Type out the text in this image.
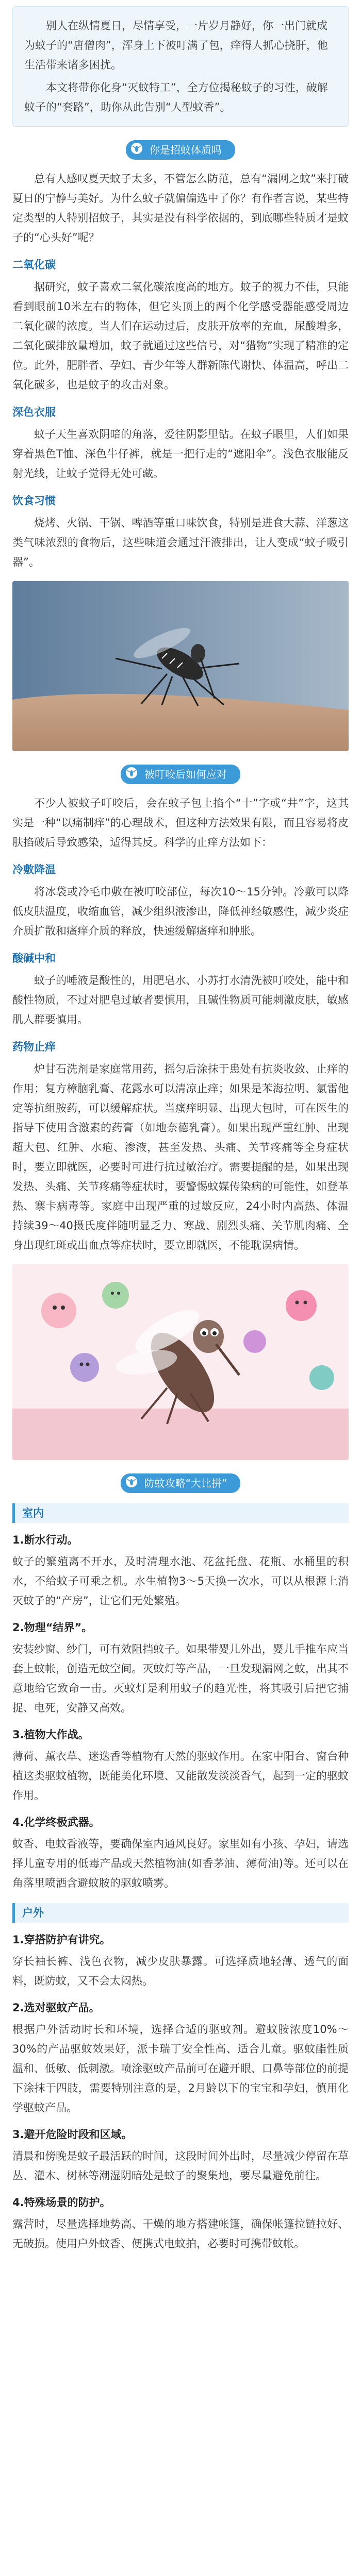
别人在纵情夏日，尽情享受，一片岁月静好，你一出门就成为蚊子的“唐僧肉”，浑身上下被叮满了包，痒得人抓心挠肝，他生活带来诸多困扰。

本文将带你化身“灭蚊特工”，全方位揭秘蚊子的习性，破解蚊子的“套路”，助你从此告别“人型蚊香”。

你是招蚊体质吗

总有人感叹夏天蚊子太多，不管怎么防范，总有“漏网之蚊”来打破夏日的宁静与美好。为什么蚊子就偏偏选中了你？有作者言说，某些特定类型的人特别招蚊子，其实是没有科学依据的，到底哪些特质才是蚊子的“心头好”呢？

二氧化碳

据研究，蚊子喜欢二氧化碳浓度高的地方。蚊子的视力不佳，只能看到眼前10米左右的物体，但它头顶上的两个化学感受器能感受周边二氧化碳的浓度。当人们在运动过后，皮肤开放率的充血，尿酸增多，二氧化碳排放量增加，蚊子就通过这些信号，对“猎物”实现了精准的定位。此外，肥胖者、孕妇、青少年等人群新陈代谢快、体温高，呼出二氧化碳多，也是蚊子的攻击对象。

深色衣服

蚊子天生喜欢阴暗的角落，爱往阴影里钻。在蚊子眼里，人们如果穿着黑色T恤、深色牛仔裤，就是一把行走的“遮阳伞”。浅色衣服能反射光线，让蚊子觉得无处可藏。

饮食习惯

烧烤、火锅、干锅、啤酒等重口味饮食，特别是进食大蒜、洋葱这类气味浓烈的食物后，这些味道会通过汗液排出，让人变成“蚊子吸引器”。

被叮咬后如何应对

不少人被蚊子叮咬后，会在蚊子包上掐个“十”字或“井”字，这其实是一种“以痛制痒”的心理战术，但这种方法效果有限，而且容易将皮肤掐破后导致感染，适得其反。科学的止痒方法如下：

冷敷降温

将冰袋或冷毛巾敷在被叮咬部位，每次10～15分钟。冷敷可以降低皮肤温度，收缩血管，减少组织液渗出，降低神经敏感性，减少炎症介质扩散和瘙痒介质的释放，快速缓解瘙痒和肿胀。

酸碱中和

蚊子的唾液是酸性的，用肥皂水、小苏打水清洗被叮咬处，能中和酸性物质，不过对肥皂过敏者要慎用，且碱性物质可能刺激皮肤，敏感肌人群要慎用。

药物止痒

炉甘石洗剂是家庭常用药，摇匀后涂抹于患处有抗炎收敛、止痒的作用；复方樟脑乳膏、花露水可以清凉止痒；如果是苯海拉明、氯雷他定等抗组胺药，可以缓解症状。当瘙痒明显、出现大包时，可在医生的指导下使用含激素的药膏（如地奈德乳膏）。如果出现严重红肿、出现超大包、红肿、水疱、渗液，甚至发热、头痛、关节疼痛等全身症状时，要立即就医，必要时可进行抗过敏治疗。需要提醒的是，如果出现发热、头痛、关节疼痛等症状时，要警惕蚊媒传染病的可能性，如登革热、寨卡病毒等。家庭中出现严重的过敏反应，24小时内高热、体温持续39～40摄氏度伴随明显乏力、寒战、剧烈头痛、关节肌肉痛、全身出现红斑或出血点等症状时，要立即就医，不能耽误病情。

防蚊攻略“大比拼”
室内
1.断水行动。

蚊子的繁殖离不开水，及时清理水池、花盆托盘、花瓶、水桶里的积水，不给蚊子可乘之机。水生植物3～5天换一次水，可以从根源上消灭蚊子的“产房”，让它们无处繁殖。

2.物理“结界”。

安装纱窗、纱门，可有效阻挡蚊子。如果带婴儿外出，婴儿手推车应当套上蚊帐，创造无蚊空间。灭蚊灯等产品，一旦发现漏网之蚊，出其不意地给它致命一击。灭蚊灯是利用蚊子的趋光性，将其吸引后把它捕捉、电死，安静又高效。

3.植物大作战。

薄荷、薰衣草、迷迭香等植物有天然的驱蚊作用。在家中阳台、窗台种植这类驱蚊植物，既能美化环境、又能散发淡淡香气，起到一定的驱蚊作用。

4.化学终极武器。

蚊香、电蚊香液等，要确保室内通风良好。家里如有小孩、孕妇，请选择儿童专用的低毒产品或天然植物油(如香茅油、薄荷油)等。还可以在角落里喷洒含避蚊胺的驱蚊喷雾。

户外
1.穿搭防护有讲究。

穿长袖长裤、浅色衣物，减少皮肤暴露。可选择质地轻薄、透气的面料，既防蚊，又不会太闷热。

2.选对驱蚊产品。

根据户外活动时长和环境，选择合适的驱蚊剂。避蚊胺浓度10%～30%的产品驱蚊效果好，派卡瑞丁安全性高、适合儿童。驱蚊酯性质温和、低敏、低刺激。喷涂驱蚊产品前可在避开眼、口鼻等部位的前提下涂抹于四肢，需要特别注意的是，2月龄以下的宝宝和孕妇，慎用化学驱蚊产品。

3.避开危险时段和区域。

清晨和傍晚是蚊子最活跃的时间，这段时间外出时，尽量减少停留在草丛、灌木、树林等潮湿阴暗处是蚊子的聚集地，要尽量避免前往。

4.特殊场景的防护。

露营时，尽量选择地势高、干燥的地方搭建帐篷，确保帐篷拉链拉好、无破损。使用户外蚊香、便携式电蚊拍，必要时可携带蚊帐。
